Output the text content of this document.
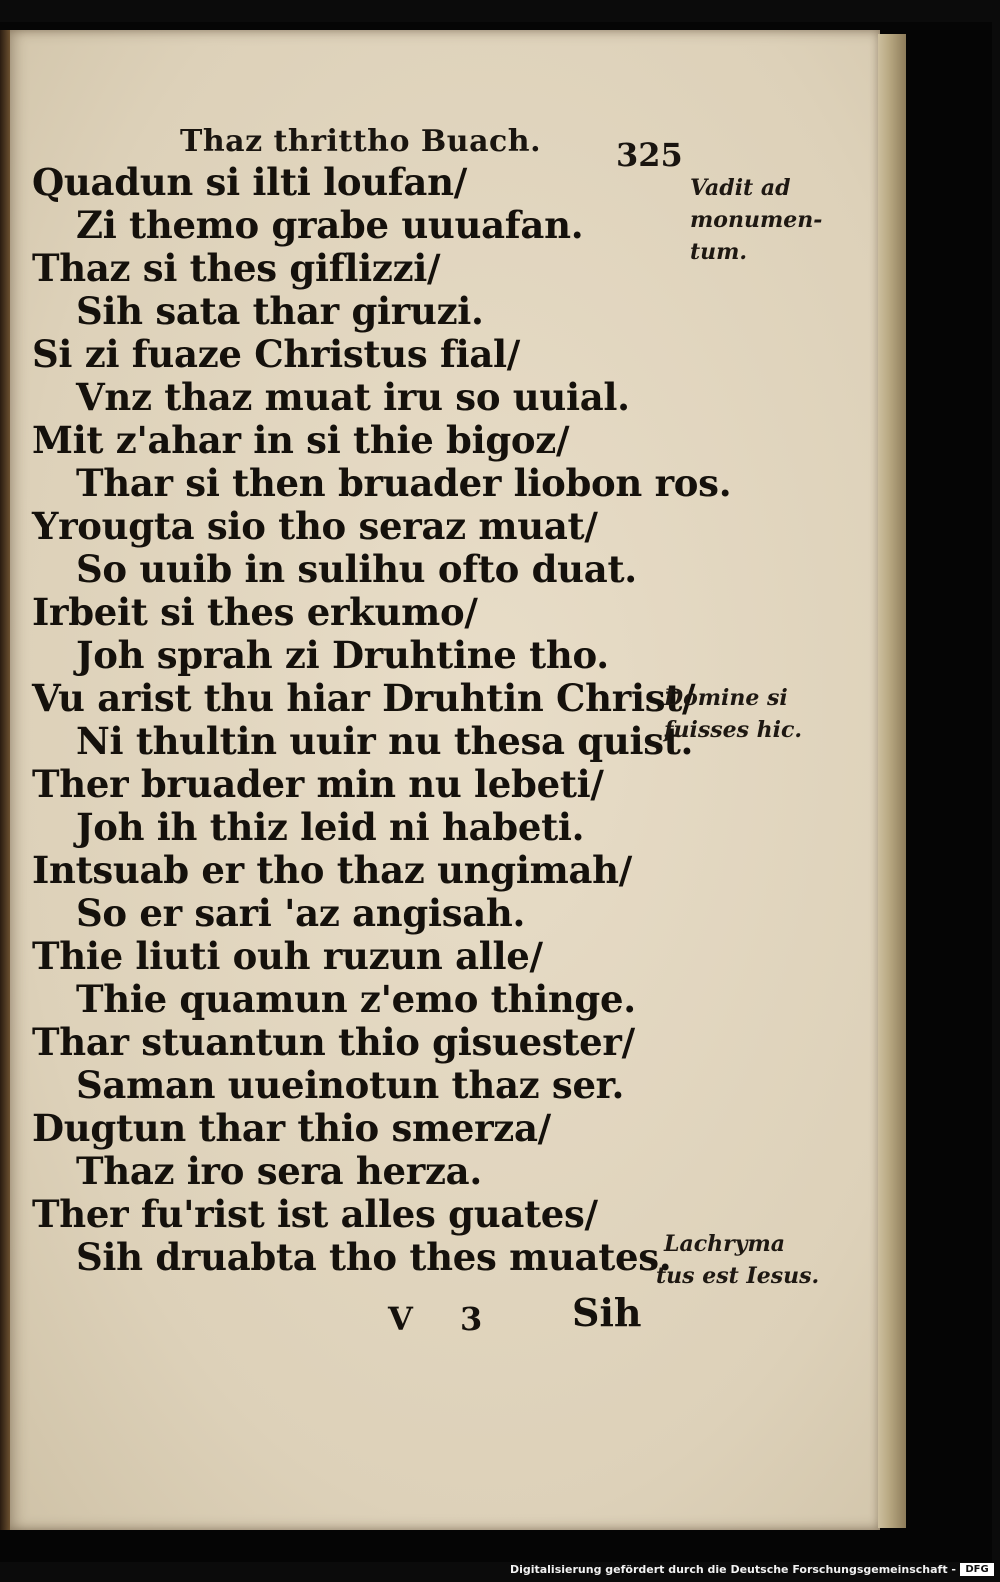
Thaz thrittho Buach. 325

Quadun si ilti loufan/

Zi themo grabe uuuafan.

Thaz si thes giflizzi/

Sih sata thar giruzi.

Si zi fuaze Christus fial/

Vnz thaz muat iru so uuial.

Mit z'ahar in si thie bigoz/

Thar si then bruader liobon ros.

Yrougta sio tho seraz muat/

So uuib in sulihu ofto duat.

Irbeit si thes erkumo/

Joh sprah zi Druhtine tho.

Vu arist thu hiar Druhtin Christ/

Ni thultin uuir nu thesa quist.

Ther bruader min nu lebeti/

Joh ih thiz leid ni habeti.

Intsuab er tho thaz ungimah/

So er sari 'az angisah.

Thie liuti ouh ruzun alle/

Thie quamun z'emo thinge.

Thar stuantun thio gisuester/

Saman uueinotun thaz ser.

Dugtun thar thio smerza/

Thaz iro sera herza.

Ther fu'rist ist alles guates/

Sih druabta tho thes muates.

Vadit ad
monumen-
tum.
Domine si
fuisses hic.
Lachryma
tus est Iesus.
V 3 Sih
Digitalisierung gefördert durch die Deutsche Forschungsgemeinschaft - DFG
